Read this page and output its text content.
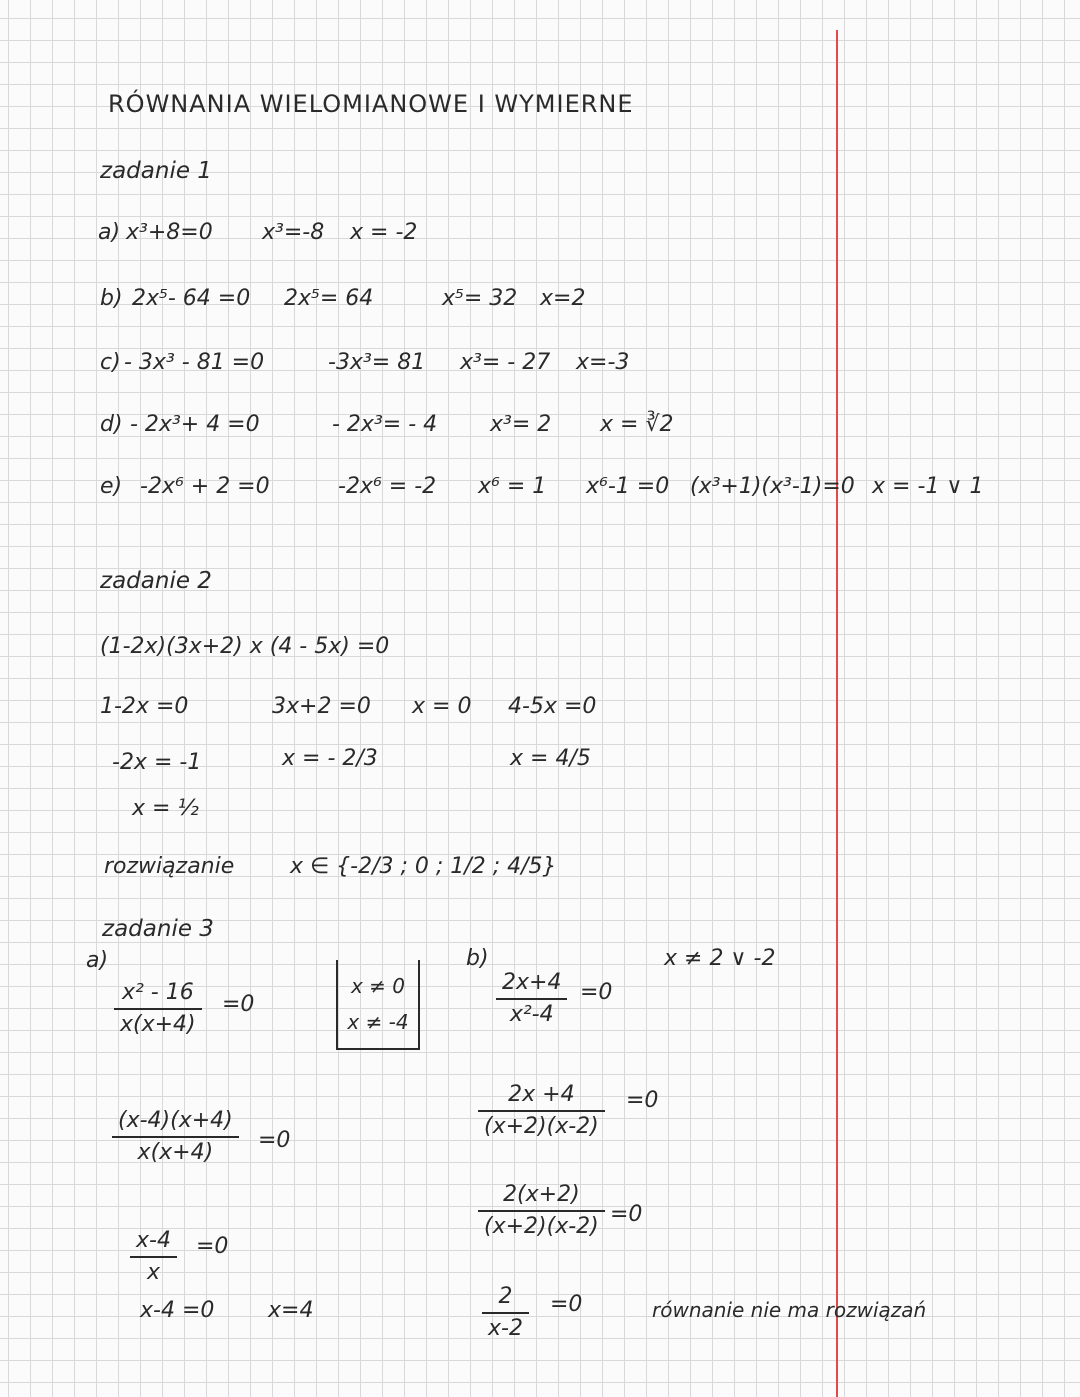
RÓWNANIA WIELOMIANOWE I WYMIERNE
zadanie 1
a) x³+8=0 x³=-8 x = -2
b) 2x⁵- 64 =0 2x⁵= 64	x⁵= 32 x=2
c) - 3x³ - 81 =0	-3x³= 81 x³= - 27 x=-3
d) - 2x³+ 4 =0	- 2x³= - 4 x³= 2 x = ∛2
e) -2x⁶ + 2 =0	-2x⁶ = -2 x⁶ = 1 x⁶-1 =0 (x³+1)(x³-1)=0 x = -1 ∨ 1
zadanie 2
(1-2x)(3x+2) x (4 - 5x) =0
1-2x =0
-2x = -1
x = ½
3x+2 =0
x = - 2/3
x = 0 4-5x =0
x = 4/5
rozwiązanie	x ∈ {-2/3 ; 0 ; 1/2 ; 4/5}
zadanie 3
a)
x² - 16
x(x+4)
=0
x ≠ 0
x ≠ -4
(x-4)(x+4)
x(x+4) =0
x-4
x
=0
x-4 =0 x=4
b)	x ≠ 2 ∨ -2
2x+4
x²-4
=0
2x +4
(x+2)(x-2)
=0
2(x+2)
(x+2)(x-2) =0
2
x-2
=0	równanie nie ma rozwiązań
